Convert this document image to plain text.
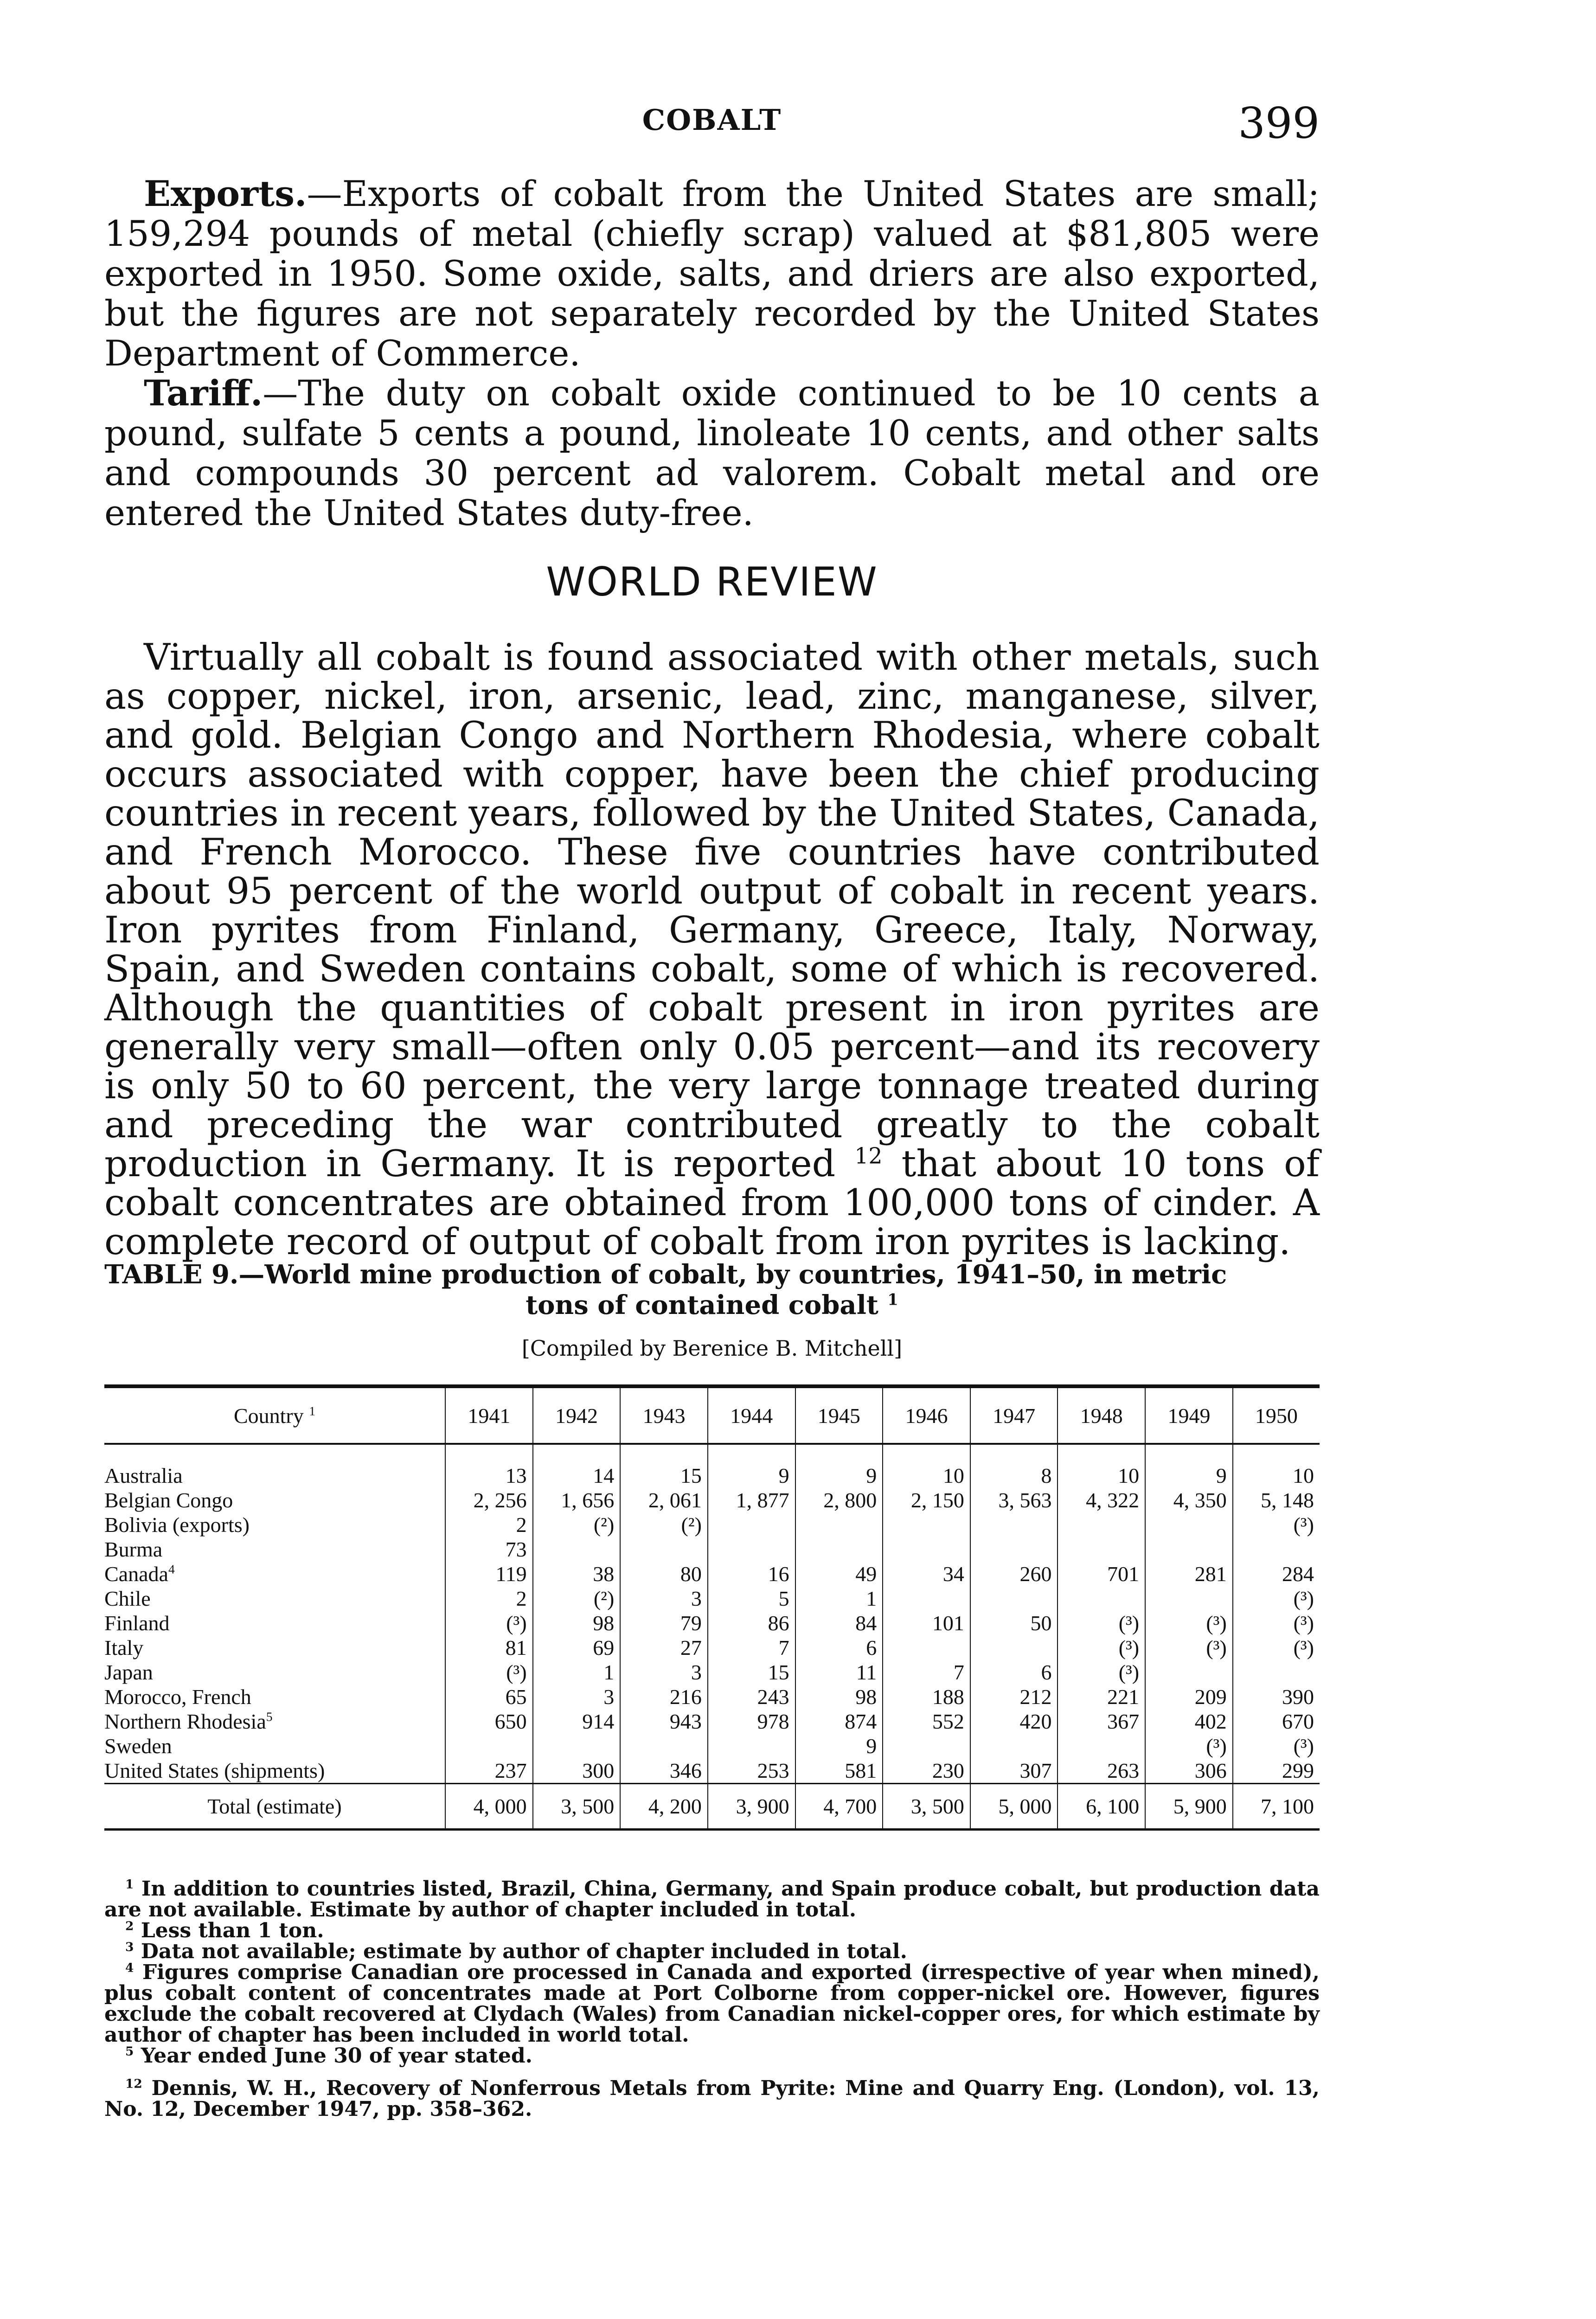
COBALT	399

Exports.—Exports of cobalt from the United States are small; 159,294 pounds of metal (chiefly scrap) valued at $81,805 were exported in 1950. Some oxide, salts, and driers are also exported, but the figures are not separately recorded by the United States Department of Commerce.

Tariff.—The duty on cobalt oxide continued to be 10 cents a pound, sulfate 5 cents a pound, linoleate 10 cents, and other salts and compounds 30 percent ad valorem. Cobalt metal and ore entered the United States duty-free.

WORLD REVIEW

Virtually all cobalt is found associated with other metals, such as copper, nickel, iron, arsenic, lead, zinc, manganese, silver, and gold. Belgian Congo and Northern Rhodesia, where cobalt occurs associated with copper, have been the chief producing countries in recent years, followed by the United States, Canada, and French Morocco. These five countries have contributed about 95 percent of the world output of cobalt in recent years. Iron pyrites from Finland, Germany, Greece, Italy, Norway, Spain, and Sweden contains cobalt, some of which is recovered. Although the quantities of cobalt present in iron pyrites are generally very small—often only 0.05 percent—and its recovery is only 50 to 60 percent, the very large tonnage treated during and preceding the war contributed greatly to the cobalt production in Germany. It is reported $^{12}$ that about 10 tons of cobalt concentrates are obtained from 100,000 tons of cinder. A complete record of output of cobalt from iron pyrites is lacking.

TABLE 9.—World mine production of cobalt, by countries, 1941–50, in metric
tons of contained cobalt $^1$
[Compiled by Berenice B. Mitchell]
Country $^1$	1941	1942	1943	1944	1945	1946	1947	1948	1949	1950
Australia	13	14	15	9	9	10	8	10	9	10
Belgian Congo	2, 256	1, 656	2, 061	1, 877	2, 800	2, 150	3, 563	4, 322	4, 350	5, 148
Bolivia (exports)	2	(²)	(²)							(³)
Burma	73									
Canada$^4$	119	38	80	16	49	34	260	701	281	284
Chile	2	(²)	3	5	1					(³)
Finland	(³)	98	79	86	84	101	50	(³)	(³)	(³)
Italy	81	69	27	7	6			(³)	(³)	(³)
Japan	(³)	1	3	15	11	7	6	(³)		
Morocco, French	65	3	216	243	98	188	212	221	209	390
Northern Rhodesia$^5$	650	914	943	978	874	552	420	367	402	670
Sweden					9				(³)	(³)
United States (shipments)	237	300	346	253	581	230	307	263	306	299
Total (estimate)	4, 000	3, 500	4, 200	3, 900	4, 700	3, 500	5, 000	6, 100	5, 900	7, 100

$^1$ In addition to countries listed, Brazil, China, Germany, and Spain produce cobalt, but production data are not available. Estimate by author of chapter included in total.

$^2$ Less than 1 ton.

$^3$ Data not available; estimate by author of chapter included in total.

$^4$ Figures comprise Canadian ore processed in Canada and exported (irrespective of year when mined), plus cobalt content of concentrates made at Port Colborne from copper-nickel ore. However, figures exclude the cobalt recovered at Clydach (Wales) from Canadian nickel-copper ores, for which estimate by author of chapter has been included in world total.

$^5$ Year ended June 30 of year stated.

$^{12}$ Dennis, W. H., Recovery of Nonferrous Metals from Pyrite: Mine and Quarry Eng. (London), vol. 13, No. 12, December 1947, pp. 358–362.
